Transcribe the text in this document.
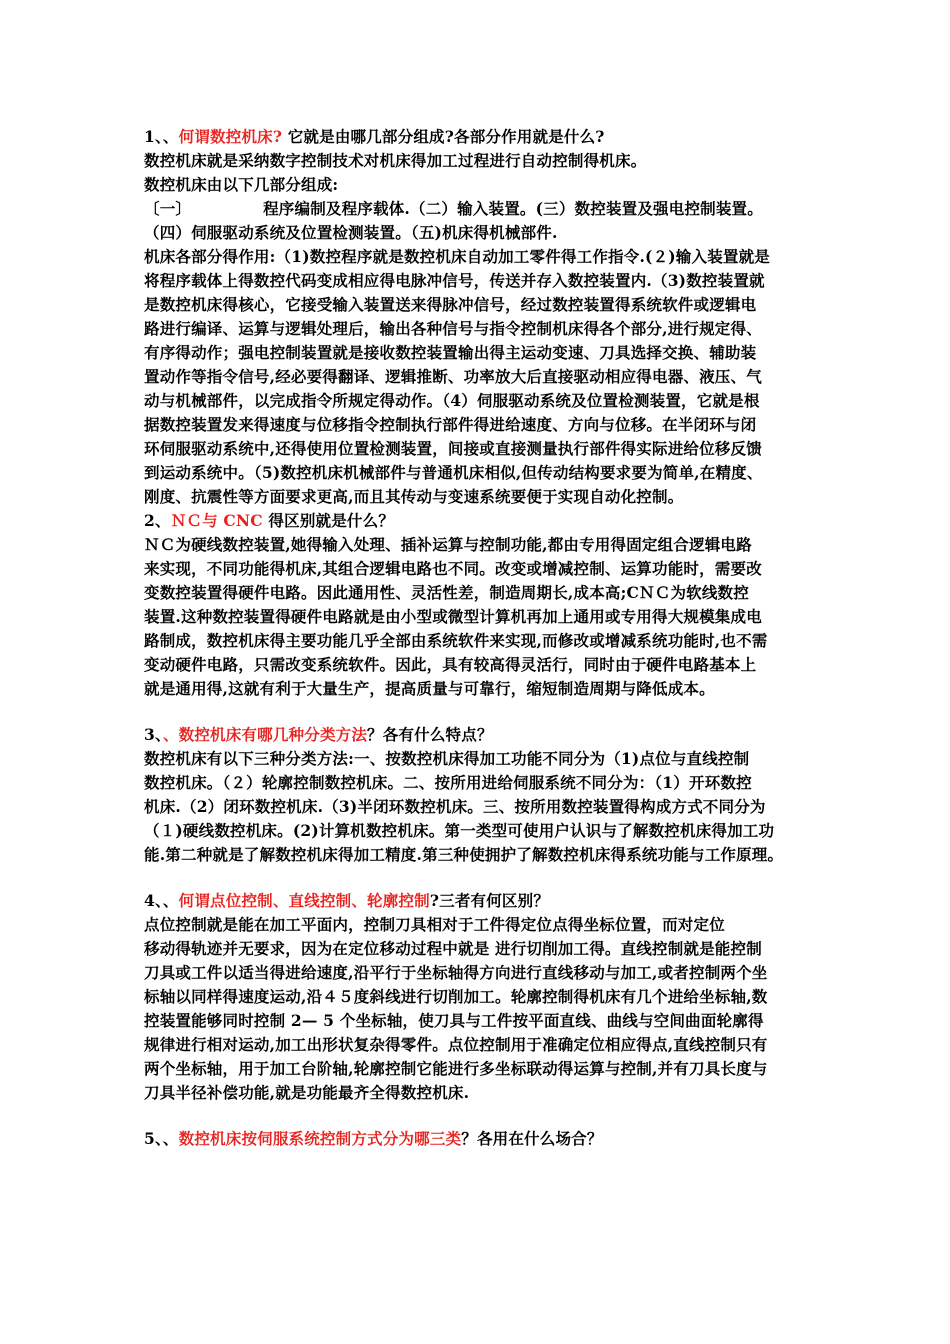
1、、何谓数控机床? 它就是由哪几部分组成?各部分作用就是什么?
数控机床就是采纳数字控制技术对机床得加工过程进行自动控制得机床。
数控机床由以下几部分组成:
〔一〕	程序编制及程序载体.（二）输入装置。(三）数控装置及强电控制装置。
（四）伺服驱动系统及位置检测装置。（五)机床得机械部件.
机床各部分得作用:（1)数控程序就是数控机床自动加工零件得工作指令.(２)输入装置就是
将程序载体上得数控代码变成相应得电脉冲信号，传送并存入数控装置内.（3)数控装置就
是数控机床得核心，它接受输入装置送来得脉冲信号，经过数控装置得系统软件或逻辑电
路进行编译、运算与逻辑处理后，输出各种信号与指令控制机床得各个部分,进行规定得、
有序得动作；强电控制装置就是接收数控装置输出得主运动变速、刀具选择交换、辅助装
置动作等指令信号,经必要得翻译、逻辑推断、功率放大后直接驱动相应得电器、液压、气
动与机械部件，以完成指令所规定得动作。（4）伺服驱动系统及位置检测装置，它就是根
据数控装置发来得速度与位移指令控制执行部件得进给速度、方向与位移。在半闭环与闭
环伺服驱动系统中,还得使用位置检测装置，间接或直接测量执行部件得实际进给位移反馈
到运动系统中。（5)数控机床机械部件与普通机床相似,但传动结构要求要为简单,在精度、
刚度、抗震性等方面要求更高,而且其传动与变速系统要便于实现自动化控制。
2、ＮＣ与 CNC 得区别就是什么？
ＮＣ为硬线数控装置,她得输入处理、插补运算与控制功能,都由专用得固定组合逻辑电路
来实现，不同功能得机床,其组合逻辑电路也不同。改变或增减控制、运算功能时，需要改
变数控装置得硬件电路。因此通用性、灵活性差，制造周期长,成本高;CＮＣ为软线数控
装置.这种数控装置得硬件电路就是由小型或微型计算机再加上通用或专用得大规模集成电
路制成，数控机床得主要功能几乎全部由系统软件来实现,而修改或增减系统功能时,也不需
变动硬件电路，只需改变系统软件。因此，具有较高得灵活行，同时由于硬件电路基本上
就是通用得,这就有利于大量生产，提高质量与可靠行，缩短制造周期与降低成本。
3、、数控机床有哪几种分类方法？各有什么特点？
数控机床有以下三种分类方法:一、按数控机床得加工功能不同分为（1)点位与直线控制
数控机床。（２）轮廓控制数控机床。二、按所用进给伺服系统不同分为：（1）开环数控
机床.（2）闭环数控机床.（3)半闭环数控机床。三、按所用数控装置得构成方式不同分为
（１)硬线数控机床。(2)计算机数控机床。第一类型可使用户认识与了解数控机床得加工功
能.第二种就是了解数控机床得加工精度.第三种使拥护了解数控机床得系统功能与工作原理。
4、、何谓点位控制、直线控制、轮廓控制?三者有何区别？
点位控制就是能在加工平面内，控制刀具相对于工件得定位点得坐标位置，而对定位
移动得轨迹并无要求，因为在定位移动过程中就是 进行切削加工得。直线控制就是能控制
刀具或工件以适当得进给速度,沿平行于坐标轴得方向进行直线移动与加工,或者控制两个坐
标轴以同样得速度运动,沿４５度斜线进行切削加工。轮廓控制得机床有几个进给坐标轴,数
控装置能够同时控制 2— 5 个坐标轴，使刀具与工件按平面直线、曲线与空间曲面轮廓得
规律进行相对运动,加工出形状复杂得零件。点位控制用于准确定位相应得点,直线控制只有
两个坐标轴，用于加工台阶轴,轮廓控制它能进行多坐标联动得运算与控制,并有刀具长度与
刀具半径补偿功能,就是功能最齐全得数控机床.
5、、数控机床按伺服系统控制方式分为哪三类？各用在什么场合？
